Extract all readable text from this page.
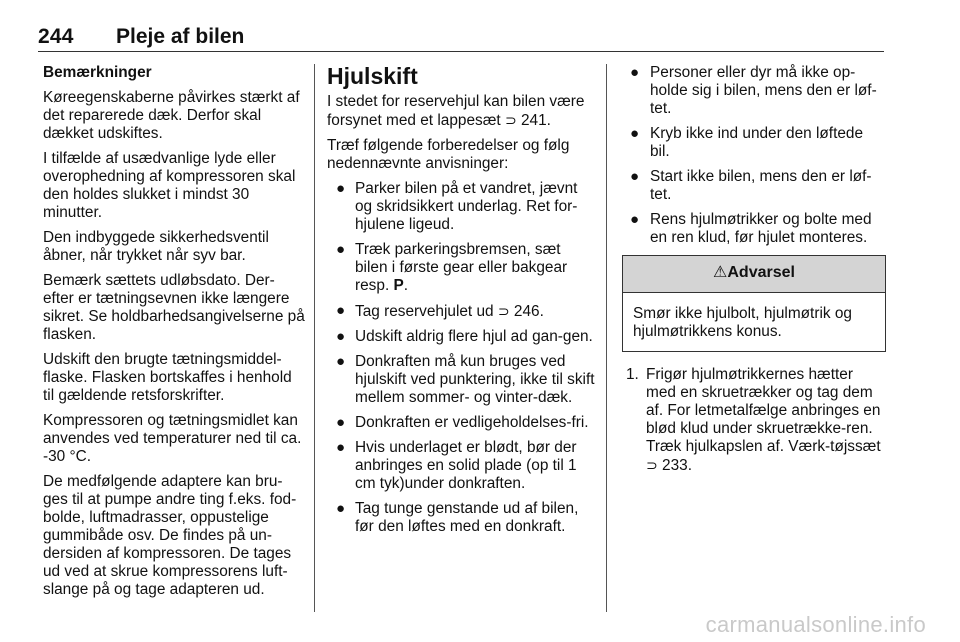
244 Pleje af bilen

Bemærkninger

Køreegenskaberne påvirkes stærkt af det reparerede dæk. Derfor skal dækket udskiftes.

I tilfælde af usædvanlige lyde eller overophedning af kompressoren skal den holdes slukket i mindst 30 minutter.

Den indbyggede sikkerhedsventil åbner, når trykket når syv bar.

Bemærk sættets udløbsdato. Der-efter er tætningsevnen ikke længere sikret. Se holdbarhedsangivelserne på flasken.

Udskift den brugte tætningsmiddel-flaske. Flasken bortskaffes i henhold til gældende retsforskrifter.

Kompressoren og tætningsmidlet kan anvendes ved temperaturer ned til ca. -30 °C.

De medfølgende adaptere kan bru-ges til at pumpe andre ting f.eks. fod-bolde, luftmadrasser, oppustelige gummibåde osv. De findes på un-dersiden af kompressoren. De tages ud ved at skrue kompressorens luft-slange på og tage adapteren ud.

Hjulskift

I stedet for reservehjul kan bilen være forsynet med et lappesæt ⊃ 241.

Træf følgende forberedelser og følg nedennævnte anvisninger:

● Parker bilen på et vandret, jævnt og skridsikkert underlag. Ret for-hjulene ligeud.
● Træk parkeringsbremsen, sæt bilen i første gear eller bakgear resp. P.
● Tag reservehjulet ud ⊃ 246.
● Udskift aldrig flere hjul ad gan-gen.
● Donkraften må kun bruges ved hjulskift ved punktering, ikke til skift mellem sommer- og vinter-dæk.
● Donkraften er vedligeholdelses-fri.
● Hvis underlaget er blødt, bør der anbringes en solid plade (op til 1 cm tyk)under donkraften.
● Tag tunge genstande ud af bilen, før den løftes med en donkraft.
● Personer eller dyr må ikke op-holde sig i bilen, mens den er løf-tet.
● Kryb ikke ind under den løftede bil.
● Start ikke bilen, mens den er løf-tet.
● Rens hjulmøtrikker og bolte med en ren klud, før hjulet monteres.
⚠Advarsel
Smør ikke hjulbolt, hjulmøtrik og hjulmøtrikkens konus.
1. Frigør hjulmøtrikkernes hætter med en skruetrækker og tag dem af. For letmetalfælge anbringes en blød klud under skruetrække-ren. Træk hjulkapslen af. Værk-tøjssæt ⊃ 233.
carmanualsonline.info
